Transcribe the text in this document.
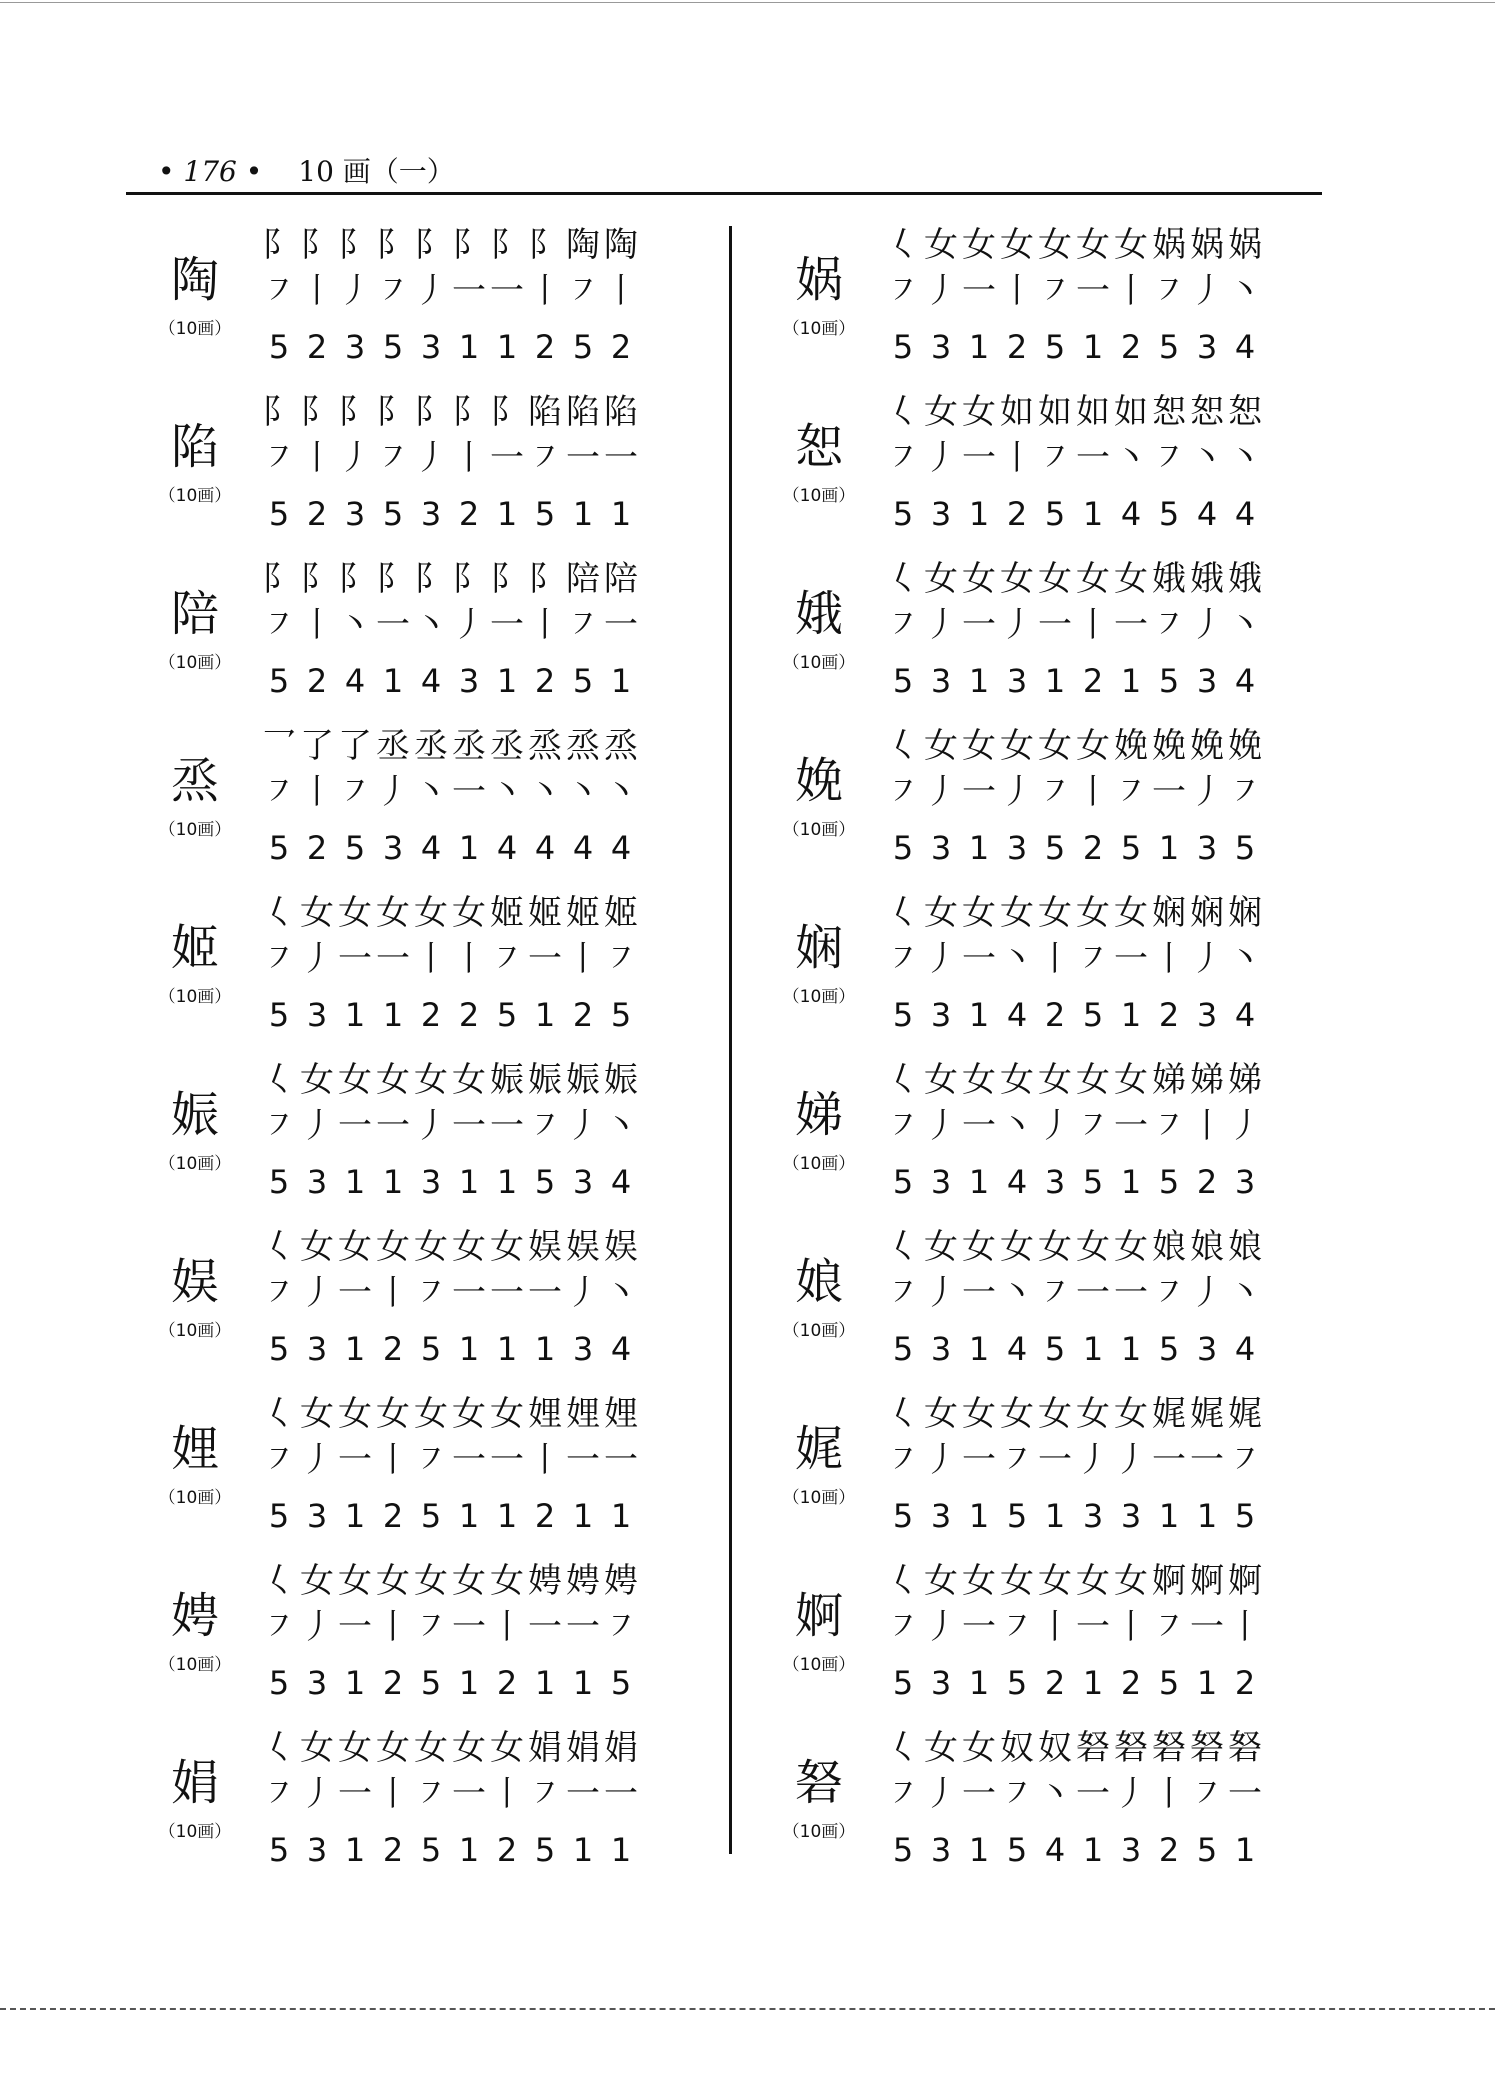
• 176 • 10 画（一）
陶
（10画）
⻖ 阝 阝 阝 阝 阝 阝 阝 陶 陶
㇇ 丨 丿 ㇇ 丿 一 一 丨 ㇇ 丨
5 2 3 5 3 1 1 2 5 2
陷
（10画）
⻖ 阝 阝 阝 阝 阝 阝 陷 陷 陷
㇇ 丨 丿 ㇇ 丿 丨 一 ㇇ 一 一
5 2 3 5 3 2 1 5 1 1
陪
（10画）
⻖ 阝 阝 阝 阝 阝 阝 阝 陪 陪
㇇ 丨 丶 一 丶 丿 一 丨 ㇇ 一
5 2 4 1 4 3 1 2 5 1
烝
（10画）
乛 了 了 丞 丞 丞 丞 烝 烝 烝
㇇ 丨 ㇇ 丿 丶 一 丶 丶 丶 丶
5 2 5 3 4 1 4 4 4 4
姬
（10画）
𡿨 女 女 女 女 女 姬 姬 姬 姬
㇇ 丿 一 一 丨 丨 ㇇ 一 丨 ㇇
5 3 1 1 2 2 5 1 2 5
娠
（10画）
𡿨 女 女 女 女 女 娠 娠 娠 娠
㇇ 丿 一 一 丿 一 一 ㇇ 丿 丶
5 3 1 1 3 1 1 5 3 4
娱
（10画）
𡿨 女 女 女 女 女 女 娱 娱 娱
㇇ 丿 一 丨 ㇇ 一 一 一 丿 丶
5 3 1 2 5 1 1 1 3 4
娌
（10画）
𡿨 女 女 女 女 女 女 娌 娌 娌
㇇ 丿 一 丨 ㇇ 一 一 丨 一 一
5 3 1 2 5 1 1 2 1 1
娉
（10画）
𡿨 女 女 女 女 女 女 娉 娉 娉
㇇ 丿 一 丨 ㇇ 一 丨 一 一 ㇇
5 3 1 2 5 1 2 1 1 5
娟
（10画）
𡿨 女 女 女 女 女 女 娟 娟 娟
㇇ 丿 一 丨 ㇇ 一 丨 ㇇ 一 一
5 3 1 2 5 1 2 5 1 1
娲
（10画）
𡿨 女 女 女 女 女 女 娲 娲 娲
㇇ 丿 一 丨 ㇇ 一 丨 ㇇ 丿 丶
5 3 1 2 5 1 2 5 3 4
恕
（10画）
𡿨 女 女 如 如 如 如 恕 恕 恕
㇇ 丿 一 丨 ㇇ 一 丶 ㇇ 丶 丶
5 3 1 2 5 1 4 5 4 4
娥
（10画）
𡿨 女 女 女 女 女 女 娥 娥 娥
㇇ 丿 一 丿 一 丨 一 ㇇ 丿 丶
5 3 1 3 1 2 1 5 3 4
娩
（10画）
𡿨 女 女 女 女 女 娩 娩 娩 娩
㇇ 丿 一 丿 ㇇ 丨 ㇇ 一 丿 ㇇
5 3 1 3 5 2 5 1 3 5
娴
（10画）
𡿨 女 女 女 女 女 女 娴 娴 娴
㇇ 丿 一 丶 丨 ㇇ 一 丨 丿 丶
5 3 1 4 2 5 1 2 3 4
娣
（10画）
𡿨 女 女 女 女 女 女 娣 娣 娣
㇇ 丿 一 丶 丿 ㇇ 一 ㇇ 丨 丿
5 3 1 4 3 5 1 5 2 3
娘
（10画）
𡿨 女 女 女 女 女 女 娘 娘 娘
㇇ 丿 一 丶 ㇇ 一 一 ㇇ 丿 丶
5 3 1 4 5 1 1 5 3 4
娓
（10画）
𡿨 女 女 女 女 女 女 娓 娓 娓
㇇ 丿 一 ㇇ 一 丿 丿 一 一 ㇇
5 3 1 5 1 3 3 1 1 5
婀
（10画）
𡿨 女 女 女 女 女 女 婀 婀 婀
㇇ 丿 一 ㇇ 丨 一 丨 ㇇ 一 丨
5 3 1 5 2 1 2 5 1 2
砮
（10画）
𡿨 女 女 奴 奴 砮 砮 砮 砮 砮
㇇ 丿 一 ㇇ 丶 一 丿 丨 ㇇ 一
5 3 1 5 4 1 3 2 5 1
